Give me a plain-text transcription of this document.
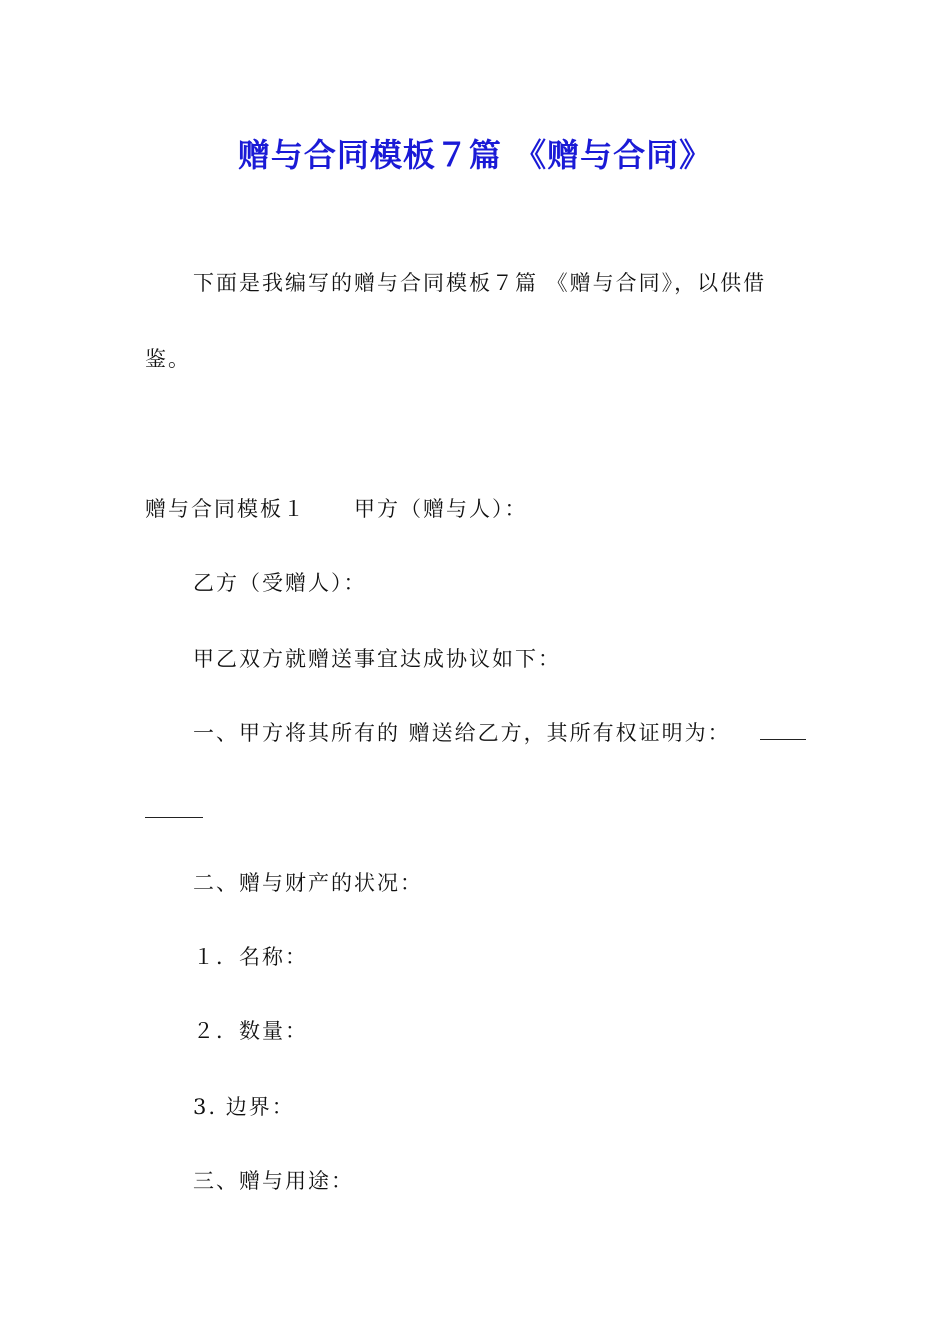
赠与合同模板７篇 《赠与合同》
下面是我编写的赠与合同模板７篇 《赠与合同》，以供借
鉴。
赠与合同模板１ 甲方（赠与人）：
乙方（受赠人）：
甲乙双方就赠送事宜达成协议如下：
一、甲方将其所有的 赠送给乙方，其所有权证明为：
二、赠与财产的状况：
１．名称：
２．数量：
3. 边界：
三、赠与用途：
